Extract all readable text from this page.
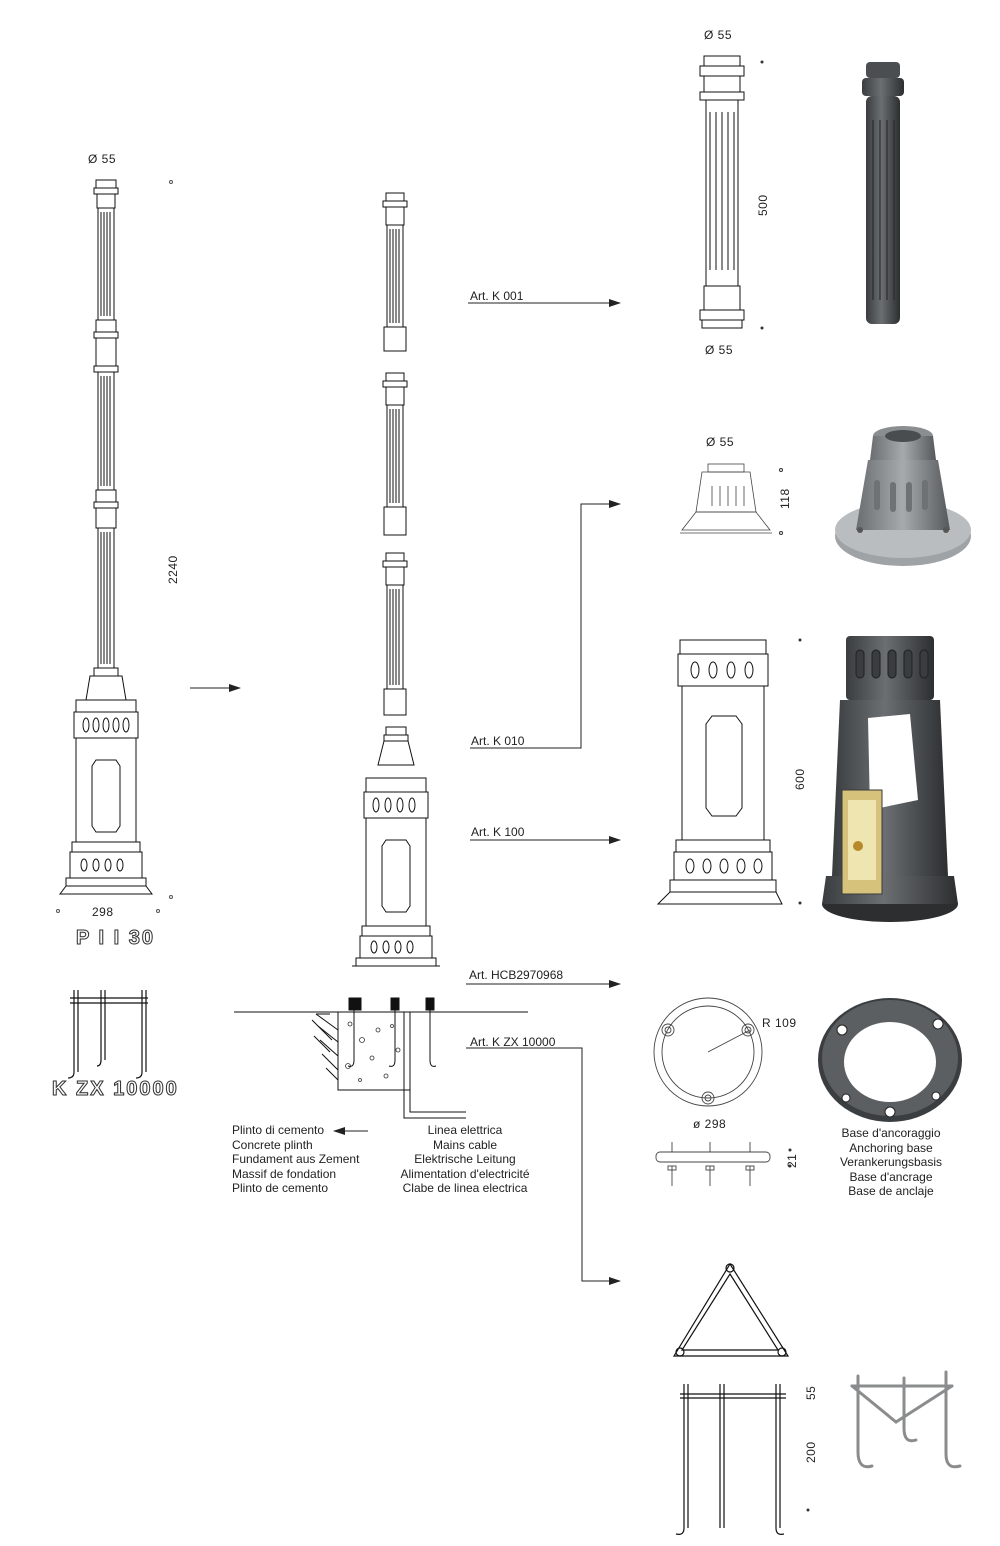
Ø 55
2240
298
P I I 30
K ZX 10000
Art. K 001
Art. K 010
Art. K 100
Art. HCB2970968
Art. K ZX 10000
Ø 55
500
Ø 55
Ø 55
118
600
R 109
ø 298
21
55
200
Plinto di cemento
Concrete plinth
Fundament aus Zement
Massif de fondation
Plinto de cemento
Linea elettrica
Mains cable
Elektrische Leitung
Alimentation d'electricité
Clabe de linea electrica
Base d'ancoraggio
Anchoring base
Verankerungsbasis
Base d'ancrage
Base de anclaje
